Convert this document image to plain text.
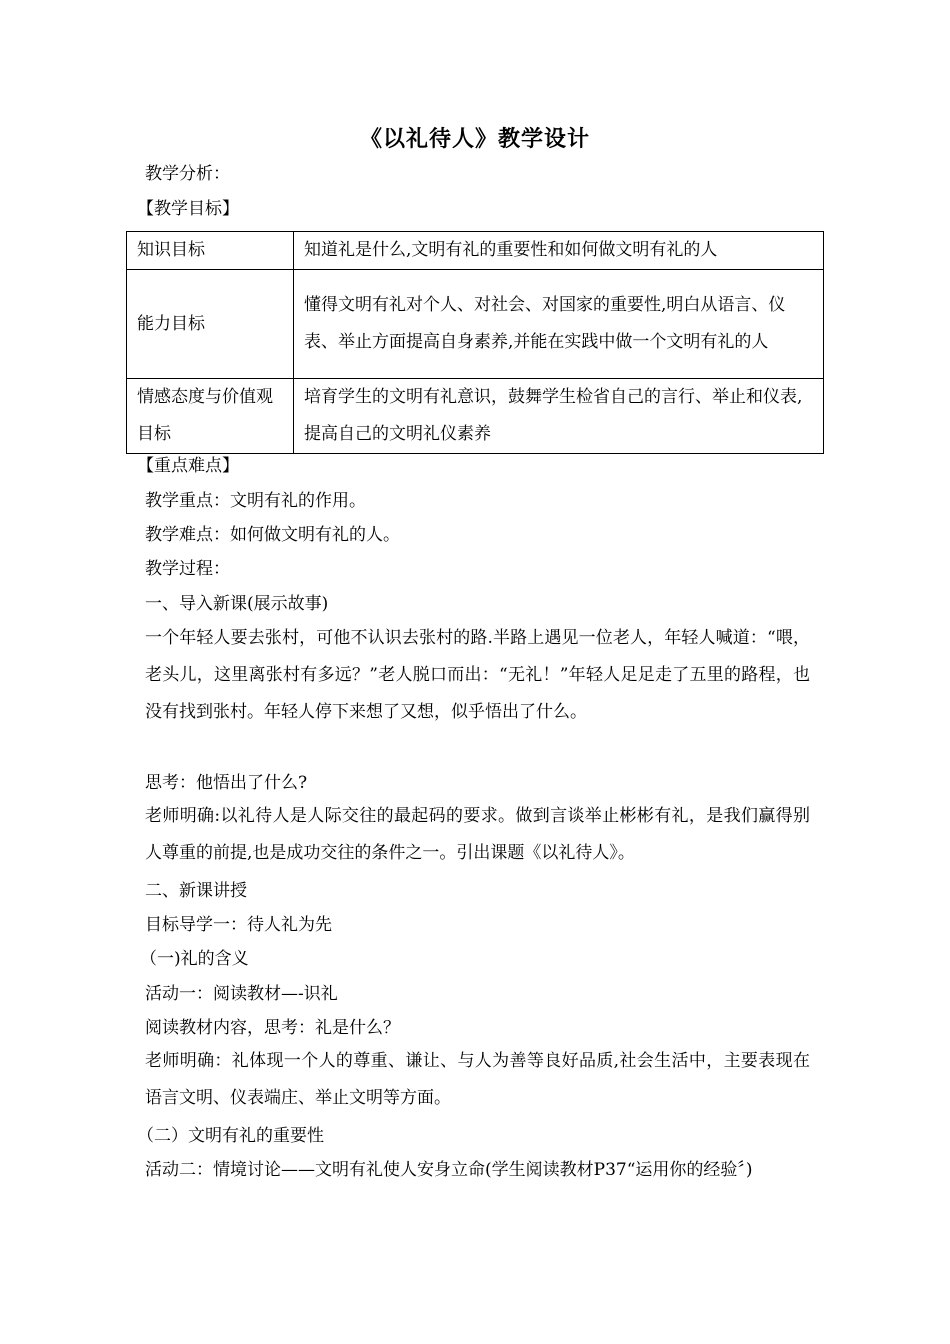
《以礼待人》教学设计
教学分析：
【教学目标】
知识目标	知道礼是什么,文明有礼的重要性和如何做文明有礼的人
能力目标	懂得文明有礼对个人、对社会、对国家的重要性,明白从语言、仪表、举止方面提高自身素养,并能在实践中做一个文明有礼的人
情感态度与价值观目标	培育学生的文明有礼意识，鼓舞学生检省自己的言行、举止和仪表,提高自己的文明礼仪素养
【重点难点】
教学重点：文明有礼的作用。
教学难点：如何做文明有礼的人。
教学过程：
一、导入新课(展示故事)
一个年轻人要去张村，可他不认识去张村的路.半路上遇见一位老人，年轻人喊道：“喂，老头儿，这里离张村有多远？”老人脱口而出：“无礼！”年轻人足足走了五里的路程，也没有找到张村。年轻人停下来想了又想，似乎悟出了什么。
思考：他悟出了什么?
老师明确:以礼待人是人际交往的最起码的要求。做到言谈举止彬彬有礼，是我们赢得别人尊重的前提,也是成功交往的条件之一。引出课题《以礼待人》。
二、新课讲授
目标导学一：待人礼为先
（一)礼的含义
活动一：阅读教材—-识礼
阅读教材内容，思考：礼是什么？
老师明确：礼体现一个人的尊重、谦让、与人为善等良好品质,社会生活中，主要表现在语言文明、仪表端庄、举止文明等方面。
（二）文明有礼的重要性
活动二：情境讨论——文明有礼使人安身立命(学生阅读教材P37“运用你的经验〞)
